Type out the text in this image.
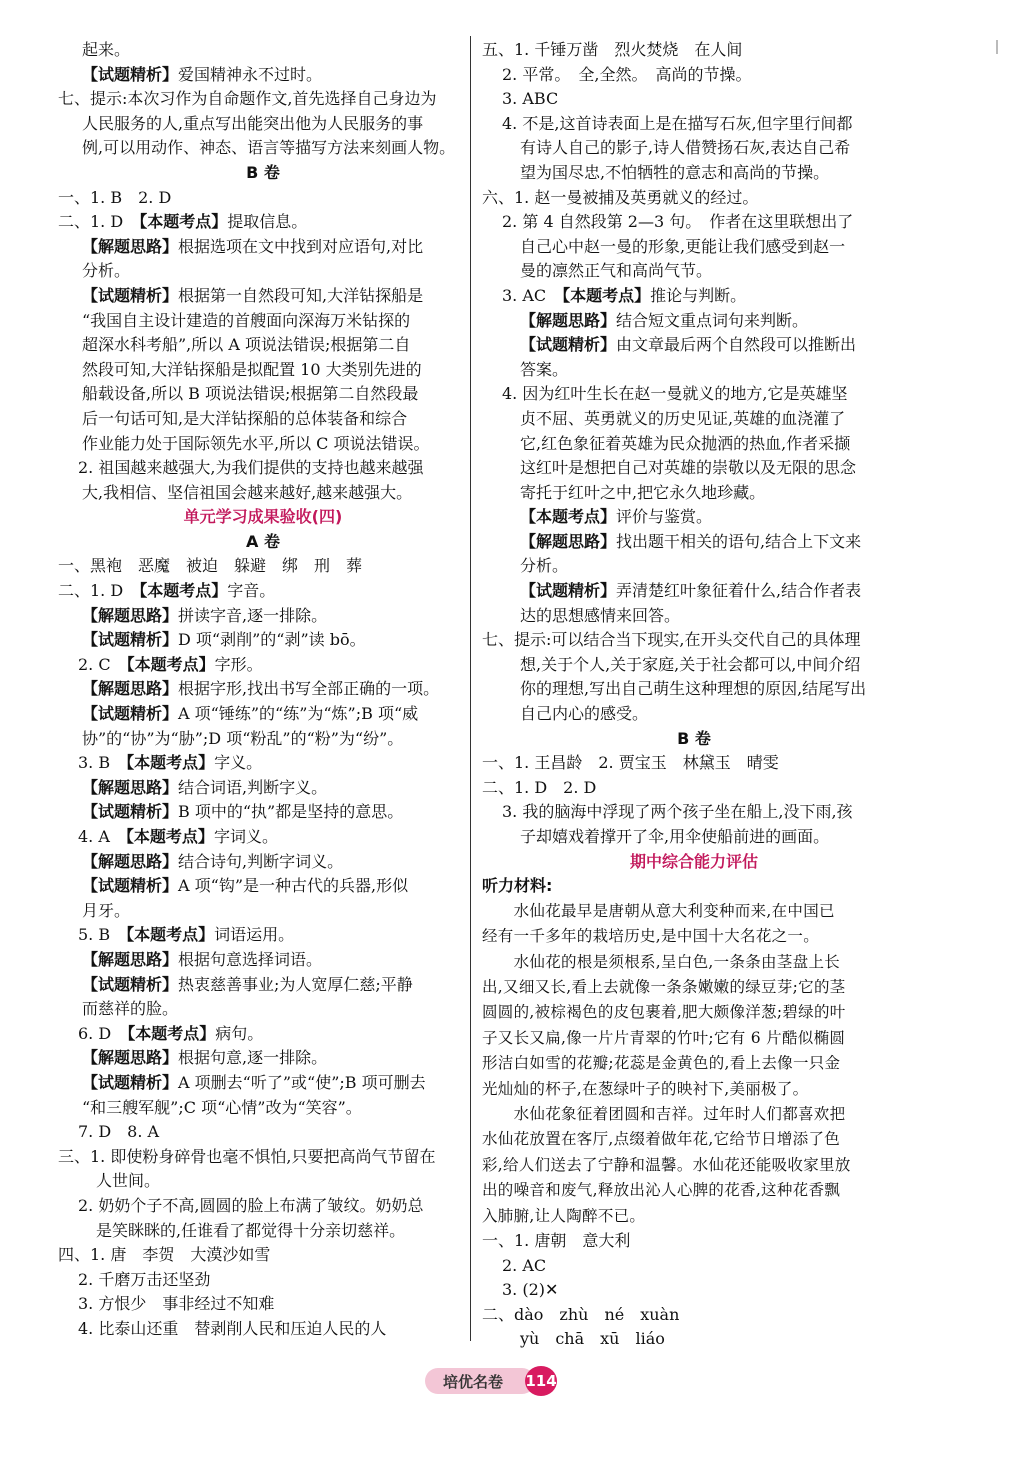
起来。
【试题精析】爱国精神永不过时。
七、提示:本次习作为自命题作文,首先选择自己身边为
人民服务的人,重点写出能突出他为人民服务的事
例,可以用动作、神态、语言等描写方法来刻画人物。
B 卷
一、1. B　2. D
二、1. D　【本题考点】提取信息。
【解题思路】根据选项在文中找到对应语句,对比
分析。
【试题精析】根据第一自然段可知,大洋钻探船是
“我国自主设计建造的首艘面向深海万米钻探的
超深水科考船”,所以 A 项说法错误;根据第二自
然段可知,大洋钻探船是拟配置 10 大类别先进的
船载设备,所以 B 项说法错误;根据第二自然段最
后一句话可知,是大洋钻探船的总体装备和综合
作业能力处于国际领先水平,所以 C 项说法错误。
2. 祖国越来越强大,为我们提供的支持也越来越强
大,我相信、坚信祖国会越来越好,越来越强大。
单元学习成果验收(四)
A 卷
一、黑袍　恶魔　被迫　躲避　绑　刑　葬
二、1. D　【本题考点】字音。
【解题思路】拼读字音,逐一排除。
【试题精析】D 项“剥削”的“剥”读 bō。
2. C　【本题考点】字形。
【解题思路】根据字形,找出书写全部正确的一项。
【试题精析】A 项“锤练”的“练”为“炼”;B 项“威
协”的“协”为“胁”;D 项“粉乱”的“粉”为“纷”。
3. B　【本题考点】字义。
【解题思路】结合词语,判断字义。
【试题精析】B 项中的“执”都是坚持的意思。
4. A　【本题考点】字词义。
【解题思路】结合诗句,判断字词义。
【试题精析】A 项“钩”是一种古代的兵器,形似
月牙。
5. B　【本题考点】词语运用。
【解题思路】根据句意选择词语。
【试题精析】热衷慈善事业;为人宽厚仁慈;平静
而慈祥的脸。
6. D　【本题考点】病句。
【解题思路】根据句意,逐一排除。
【试题精析】A 项删去“听了”或“使”;B 项可删去
“和三艘军舰”;C 项“心情”改为“笑容”。
7. D　8. A
三、1. 即使粉身碎骨也毫不惧怕,只要把高尚气节留在
人世间。
2. 奶奶个子不高,圆圆的脸上布满了皱纹。奶奶总
是笑眯眯的,任谁看了都觉得十分亲切慈祥。
四、1. 唐　李贺　大漠沙如雪
2. 千磨万击还坚劲
3. 方恨少　事非经过不知难
4. 比泰山还重　替剥削人民和压迫人民的人
五、1. 千锤万凿　烈火焚烧　在人间
2. 平常。　全,全然。　高尚的节操。
3. ABC
4. 不是,这首诗表面上是在描写石灰,但字里行间都
有诗人自己的影子,诗人借赞扬石灰,表达自己希
望为国尽忠,不怕牺牲的意志和高尚的节操。
六、1. 赵一曼被捕及英勇就义的经过。
2. 第 4 自然段第 2—3 句。　作者在这里联想出了
自己心中赵一曼的形象,更能让我们感受到赵一
曼的凛然正气和高尚气节。
3. AC　【本题考点】推论与判断。
【解题思路】结合短文重点词句来判断。
【试题精析】由文章最后两个自然段可以推断出
答案。
4. 因为红叶生长在赵一曼就义的地方,它是英雄坚
贞不屈、英勇就义的历史见证,英雄的血浇灌了
它,红色象征着英雄为民众抛洒的热血,作者采撷
这红叶是想把自己对英雄的崇敬以及无限的思念
寄托于红叶之中,把它永久地珍藏。
【本题考点】评价与鉴赏。
【解题思路】找出题干相关的语句,结合上下文来
分析。
【试题精析】弄清楚红叶象征着什么,结合作者表
达的思想感情来回答。
七、提示:可以结合当下现实,在开头交代自己的具体理
想,关于个人,关于家庭,关于社会都可以,中间介绍
你的理想,写出自己萌生这种理想的原因,结尾写出
自己内心的感受。
B 卷
一、1. 王昌龄　2. 贾宝玉　林黛玉　晴雯
二、1. D　2. D
3. 我的脑海中浮现了两个孩子坐在船上,没下雨,孩
子却嬉戏着撑开了伞,用伞使船前进的画面。
期中综合能力评估
听力材料:
　　水仙花最早是唐朝从意大利变种而来,在中国已
经有一千多年的栽培历史,是中国十大名花之一。
　　水仙花的根是须根系,呈白色,一条条由茎盘上长
出,又细又长,看上去就像一条条嫩嫩的绿豆芽;它的茎
圆圆的,被棕褐色的皮包裹着,肥大颇像洋葱;碧绿的叶
子又长又扁,像一片片青翠的竹叶;它有 6 片酷似椭圆
形洁白如雪的花瓣;花蕊是金黄色的,看上去像一只金
光灿灿的杯子,在葱绿叶子的映衬下,美丽极了。
　　水仙花象征着团圆和吉祥。过年时人们都喜欢把
水仙花放置在客厅,点缀着做年花,它给节日增添了色
彩,给人们送去了宁静和温馨。水仙花还能吸收家里放
出的噪音和废气,释放出沁人心脾的花香,这种花香飘
入肺腑,让人陶醉不已。
一、1. 唐朝　意大利
2. AC
3. (2)✕
二、dào　zhù　né　xuàn
yù　chā　xū　liáo
培优名卷 114
